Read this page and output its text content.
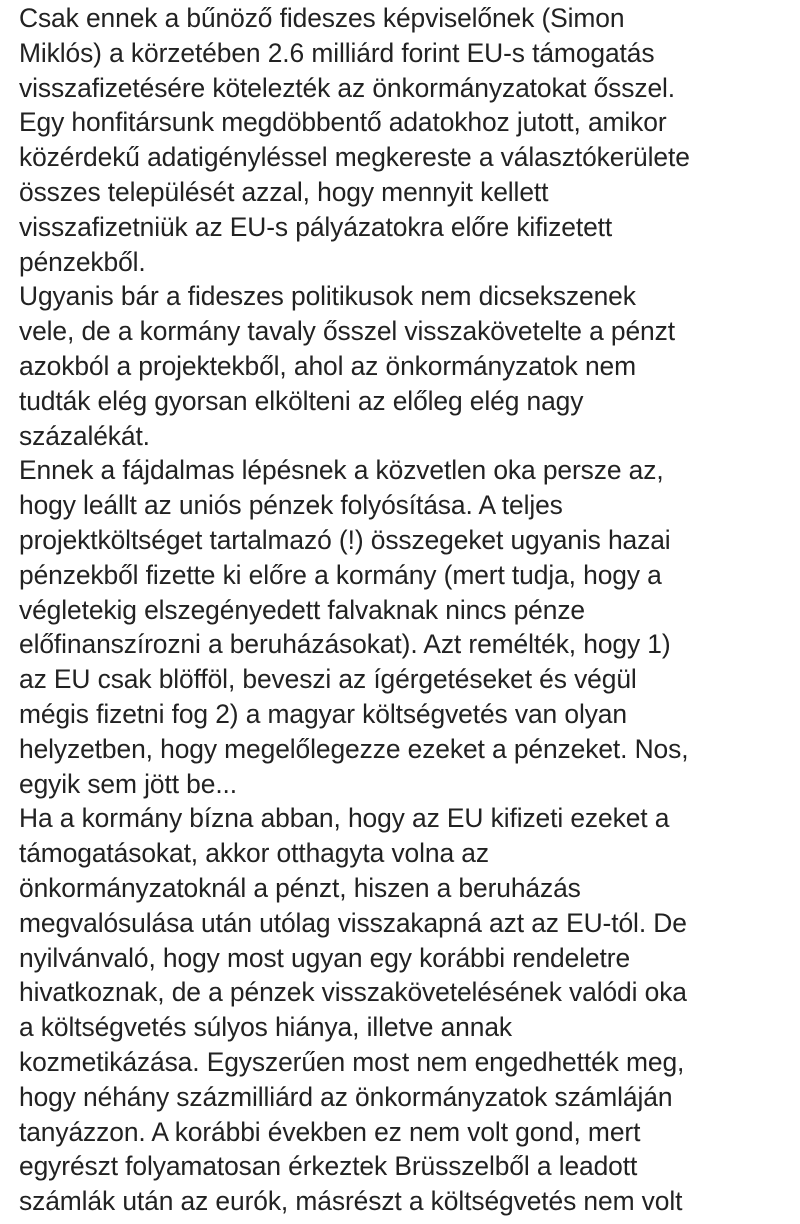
Csak ennek a bűnöző fideszes képviselőnek (Simon
Miklós) a körzetében 2.6 milliárd forint EU-s támogatás
visszafizetésére kötelezték az önkormányzatokat ősszel.
Egy honfitársunk megdöbbentő adatokhoz jutott, amikor
közérdekű adatigényléssel megkereste a választókerülete
összes települését azzal, hogy mennyit kellett
visszafizetniük az EU-s pályázatokra előre kifizetett
pénzekből.
Ugyanis bár a fideszes politikusok nem dicsekszenek
vele, de a kormány tavaly ősszel visszakövetelte a pénzt
azokból a projektekből, ahol az önkormányzatok nem
tudták elég gyorsan elkölteni az előleg elég nagy
százalékát.
Ennek a fájdalmas lépésnek a közvetlen oka persze az,
hogy leállt az uniós pénzek folyósítása. A teljes
projektköltséget tartalmazó (!) összegeket ugyanis hazai
pénzekből fizette ki előre a kormány (mert tudja, hogy a
végletekig elszegényedett falvaknak nincs pénze
előfinanszírozni a beruházásokat). Azt remélték, hogy 1)
az EU csak blöfföl, beveszi az ígérgetéseket és végül
mégis fizetni fog 2) a magyar költségvetés van olyan
helyzetben, hogy megelőlegezze ezeket a pénzeket. Nos,
egyik sem jött be...
Ha a kormány bízna abban, hogy az EU kifizeti ezeket a
támogatásokat, akkor otthagyta volna az
önkormányzatoknál a pénzt, hiszen a beruházás
megvalósulása után utólag visszakapná azt az EU-tól. De
nyilvánvaló, hogy most ugyan egy korábbi rendeletre
hivatkoznak, de a pénzek visszakövetelésének valódi oka
a költségvetés súlyos hiánya, illetve annak
kozmetikázása. Egyszerűen most nem engedhették meg,
hogy néhány százmilliárd az önkormányzatok számláján
tanyázzon. A korábbi években ez nem volt gond, mert
egyrészt folyamatosan érkeztek Brüsszelből a leadott
számlák után az eurók, másrészt a költségvetés nem volt
